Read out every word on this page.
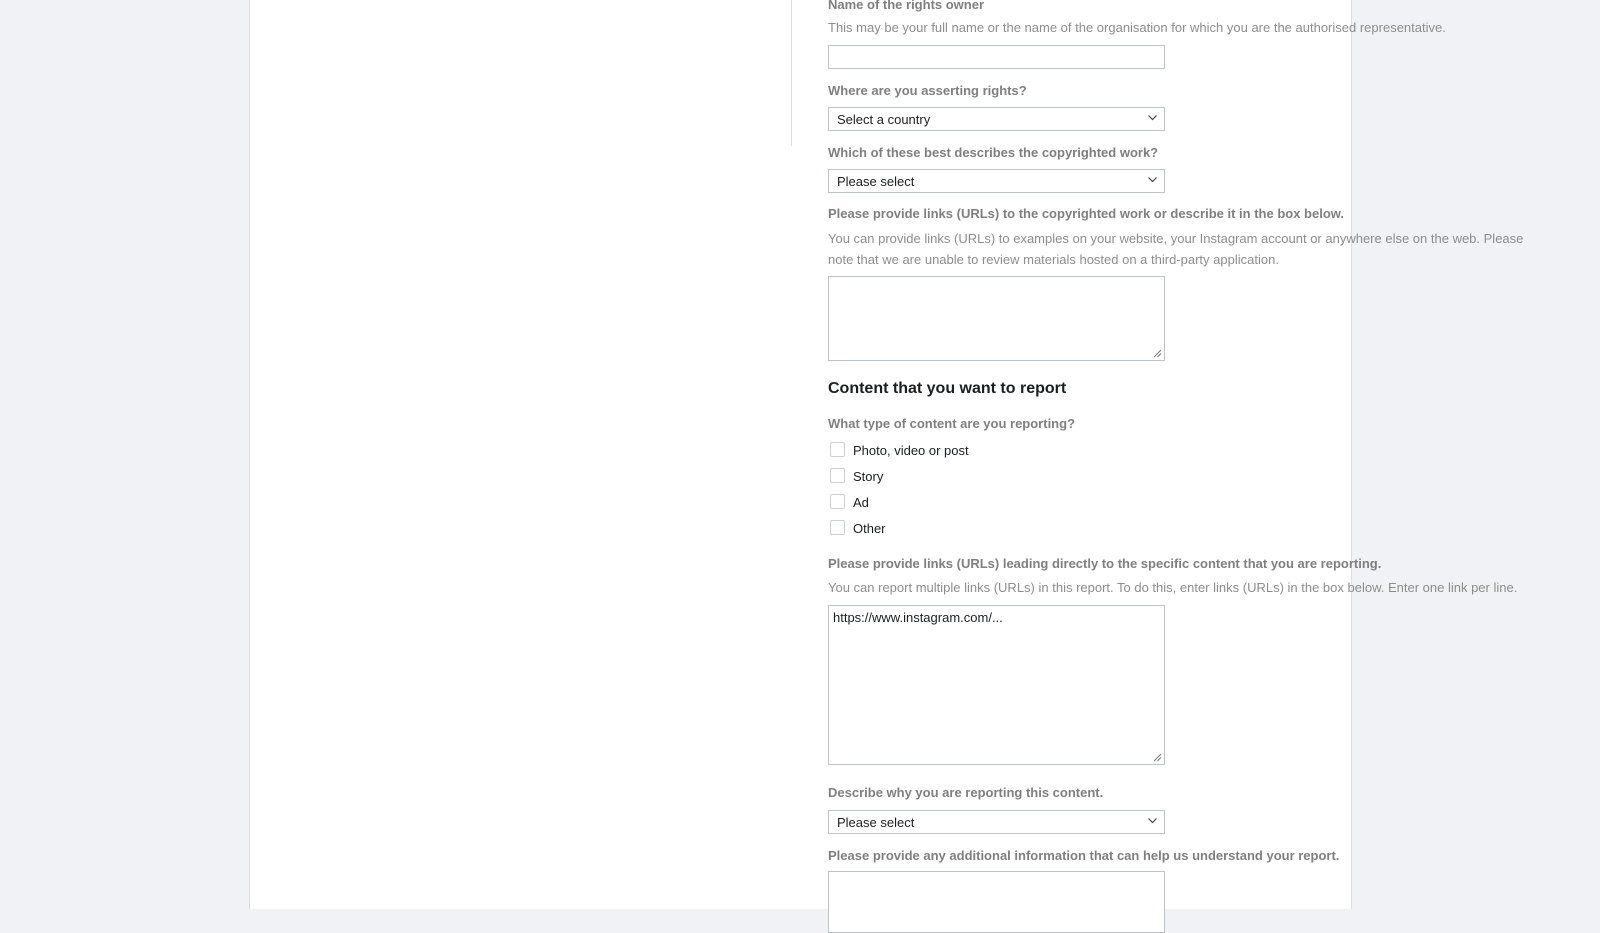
Name of the rights owner
This may be your full name or the name of the organisation for which you are the authorised representative.
Where are you asserting rights?
Select a country
Which of these best describes the copyrighted work?
Please select
Please provide links (URLs) to the copyrighted work or describe it in the box below.
You can provide links (URLs) to examples on your website, your Instagram account or anywhere else on the web. Please note that we are unable to review materials hosted on a third-party application.
Content that you want to report
What type of content are you reporting?
Photo, video or post
Story
Ad
Other
Please provide links (URLs) leading directly to the specific content that you are reporting.
You can report multiple links (URLs) in this report. To do this, enter links (URLs) in the box below. Enter one link per line.
https://www.instagram.com/...
Describe why you are reporting this content.
Please select
Please provide any additional information that can help us understand your report.
